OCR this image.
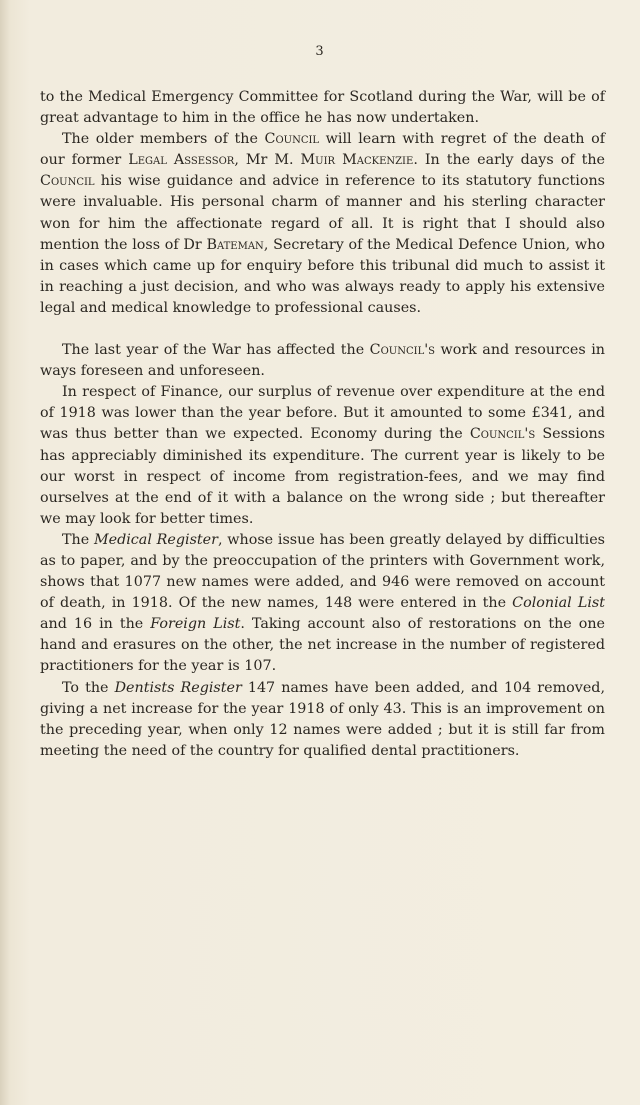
3

to the Medical Emergency Committee for Scotland during the War, will be of great advantage to him in the office he has now undertaken.

The older members of the Council will learn with regret of the death of our former Legal Assessor, Mr M. Muir Mackenzie. In the early days of the Council his wise guidance and advice in reference to its statutory functions were invaluable. His personal charm of manner and his sterling character won for him the affectionate regard of all. It is right that I should also mention the loss of Dr Bateman, Secretary of the Medical Defence Union, who in cases which came up for enquiry before this tribunal did much to assist it in reaching a just decision, and who was always ready to apply his extensive legal and medical knowledge to professional causes.

The last year of the War has affected the Council's work and resources in ways foreseen and unforeseen.

In respect of Finance, our surplus of revenue over expenditure at the end of 1918 was lower than the year before. But it amounted to some £341, and was thus better than we expected. Economy during the Council's Sessions has appreciably diminished its expenditure. The current year is likely to be our worst in respect of income from registration-fees, and we may find ourselves at the end of it with a balance on the wrong side ; but thereafter we may look for better times.

The Medical Register, whose issue has been greatly delayed by difficulties as to paper, and by the preoccupation of the printers with Government work, shows that 1077 new names were added, and 946 were removed on account of death, in 1918. Of the new names, 148 were entered in the Colonial List and 16 in the Foreign List. Taking account also of restorations on the one hand and erasures on the other, the net increase in the number of registered practitioners for the year is 107.

To the Dentists Register 147 names have been added, and 104 removed, giving a net increase for the year 1918 of only 43. This is an improvement on the preceding year, when only 12 names were added ; but it is still far from meeting the need of the country for qualified dental practitioners.
